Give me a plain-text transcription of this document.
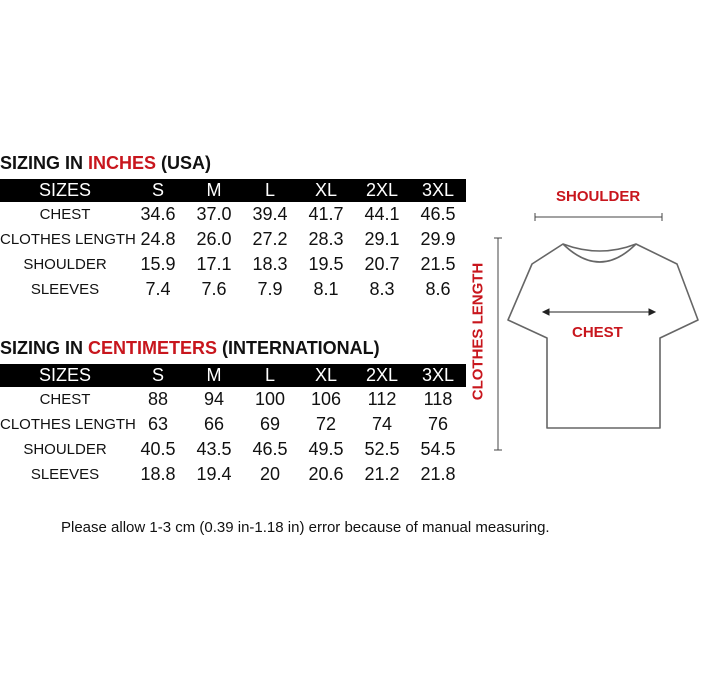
SIZING IN INCHES (USA)
SIZES	S	M	L	XL	2XL	3XL
CHEST	34.6	37.0	39.4	41.7	44.1	46.5
CLOTHES LENGTH	24.8	26.0	27.2	28.3	29.1	29.9
SHOULDER	15.9	17.1	18.3	19.5	20.7	21.5
SLEEVES	7.4	7.6	7.9	8.1	8.3	8.6
SIZING IN CENTIMETERS (INTERNATIONAL)
SIZES	S	M	L	XL	2XL	3XL
CHEST	88	94	100	106	112	118
CLOTHES LENGTH	63	66	69	72	74	76
SHOULDER	40.5	43.5	46.5	49.5	52.5	54.5
SLEEVES	18.8	19.4	20	20.6	21.2	21.8
SHOULDER
CHEST
CLOTHES LENGTH
Please allow 1-3 cm (0.39 in-1.18 in) error because of manual measuring.
